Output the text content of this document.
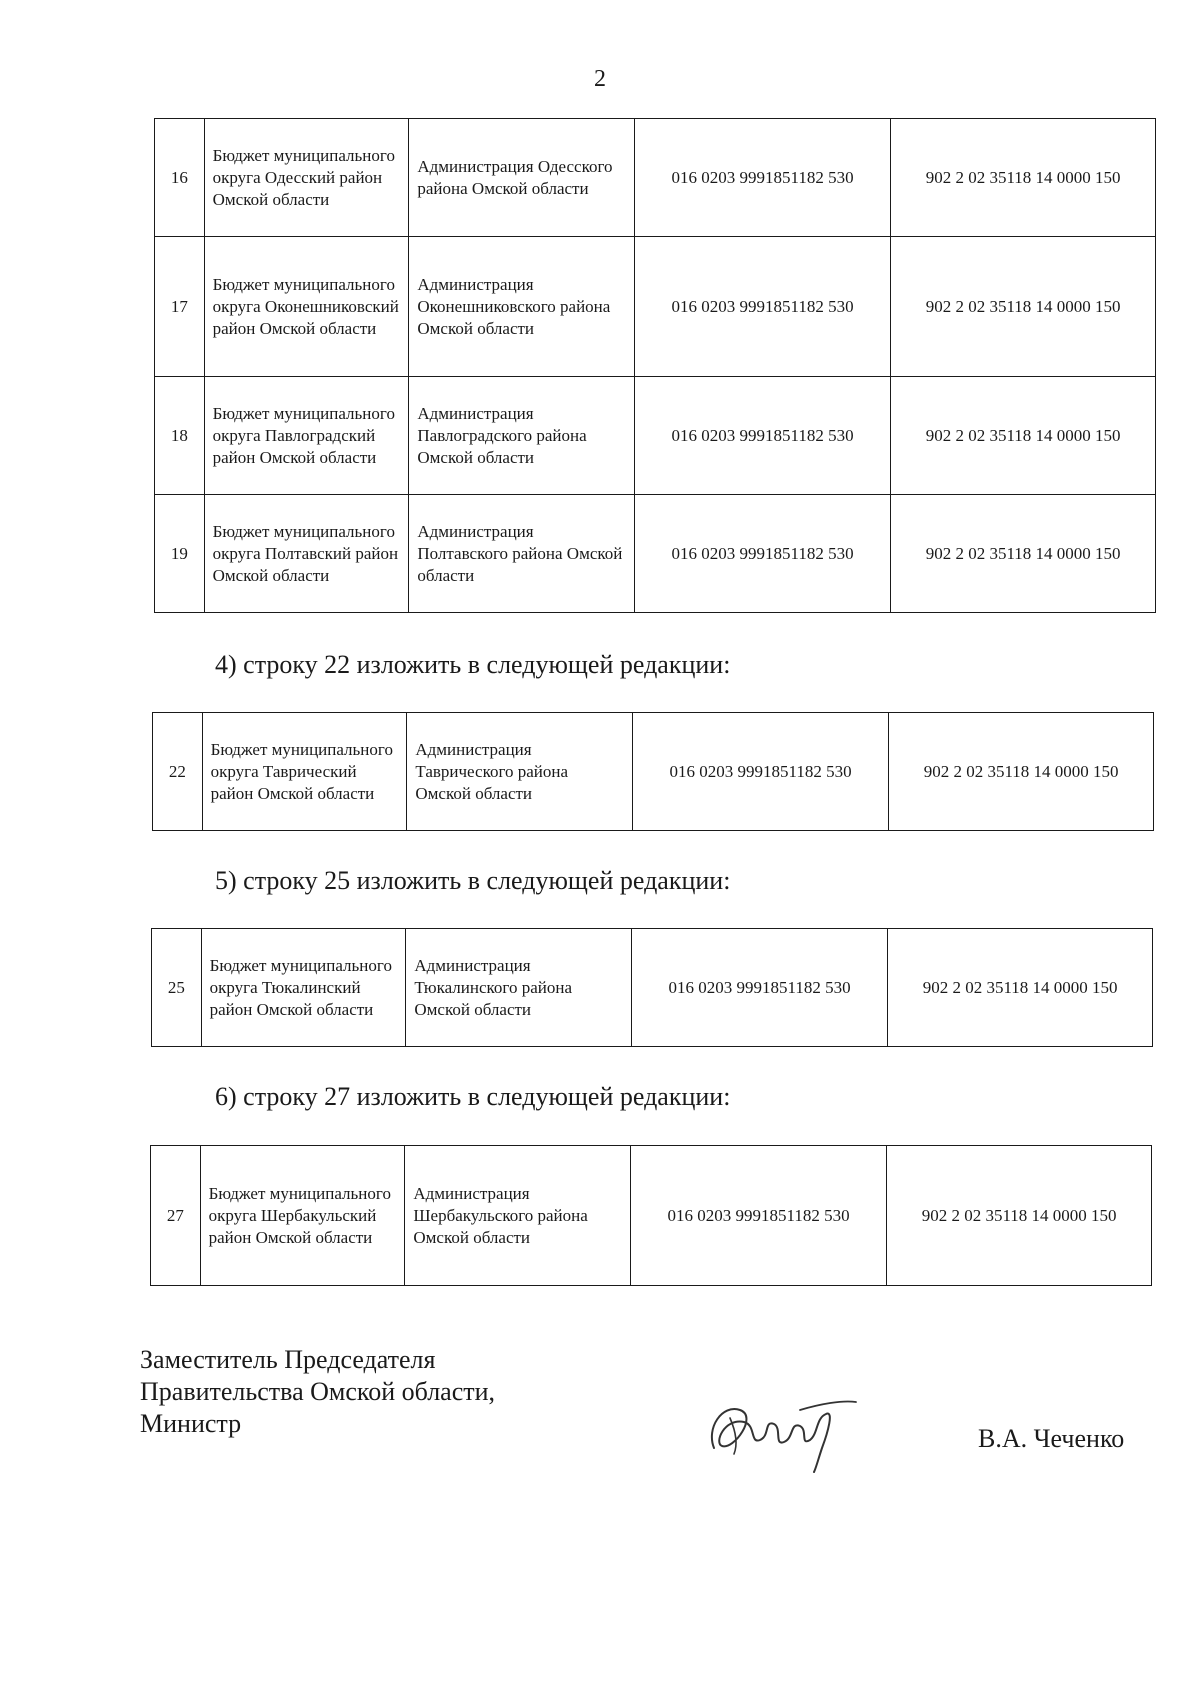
2
16	Бюджет муниципального округа Одесский район Омской области	Администрация Одесского района Омской области	016 0203 9991851182 530	902 2 02 35118 14 0000 150
17	Бюджет муниципального округа Оконешниковский район Омской области	Администрация Оконешниковского района Омской области	016 0203 9991851182 530	902 2 02 35118 14 0000 150
18	Бюджет муниципального округа Павлоградский район Омской области	Администрация Павлоградского района Омской области	016 0203 9991851182 530	902 2 02 35118 14 0000 150
19	Бюджет муниципального округа Полтавский район Омской области	Администрация Полтавского района Омской области	016 0203 9991851182 530	902 2 02 35118 14 0000 150
4) строку 22 изложить в следующей редакции:
22	Бюджет муниципального округа Таврический район Омской области	Администрация Таврического района Омской области	016 0203 9991851182 530	902 2 02 35118 14 0000 150
5) строку 25 изложить в следующей редакции:
25	Бюджет муниципального округа Тюкалинский район Омской области	Администрация Тюкалинского района Омской области	016 0203 9991851182 530	902 2 02 35118 14 0000 150
6) строку 27 изложить в следующей редакции:
27	Бюджет муниципального округа Шербакульский район Омской области	Администрация Шербакульского района Омской области	016 0203 9991851182 530	902 2 02 35118 14 0000 150
Заместитель Председателя
Правительства Омской области,
Министр
В.А. Чеченко
